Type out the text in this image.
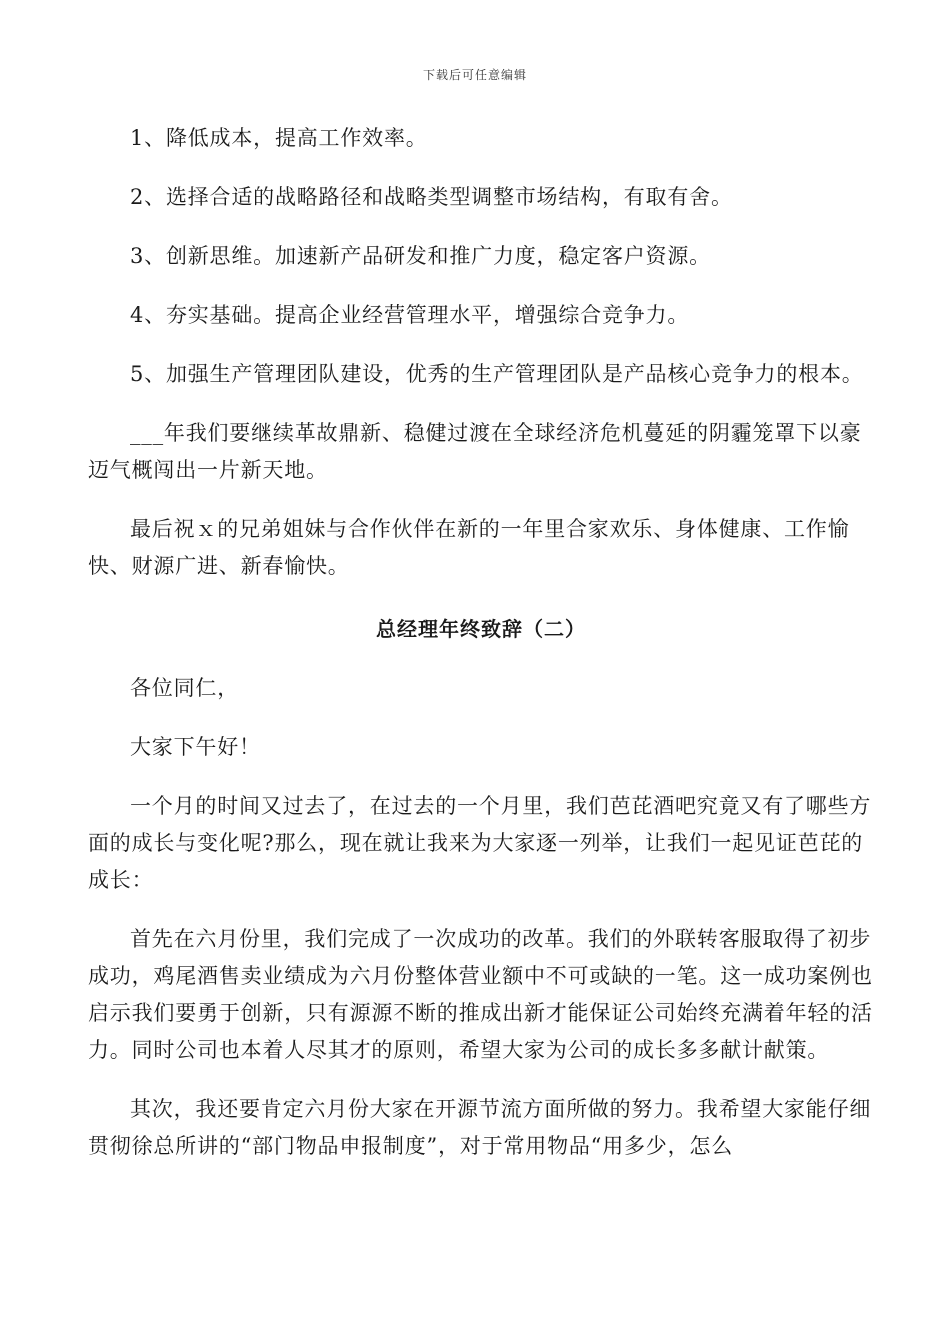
下载后可任意编辑

1、降低成本，提高工作效率。

2、选择合适的战略路径和战略类型调整市场结构，有取有舍。

3、创新思维。加速新产品研发和推广力度，稳定客户资源。

4、夯实基础。提高企业经营管理水平，增强综合竞争力。

5、加强生产管理团队建设，优秀的生产管理团队是产品核心竞争力的根本。

___年我们要继续革故鼎新、稳健过渡在全球经济危机蔓延的阴霾笼罩下以豪迈气概闯出一片新天地。

最后祝ｘ的兄弟姐妹与合作伙伴在新的一年里合家欢乐、身体健康、工作愉快、财源广进、新春愉快。

总经理年终致辞（二）

各位同仁，

大家下午好！

一个月的时间又过去了，在过去的一个月里，我们芭芘酒吧究竟又有了哪些方面的成长与变化呢?那么，现在就让我来为大家逐一列举，让我们一起见证芭芘的成长：

首先在六月份里，我们完成了一次成功的改革。我们的外联转客服取得了初步成功，鸡尾酒售卖业绩成为六月份整体营业额中不可或缺的一笔。这一成功案例也启示我们要勇于创新，只有源源不断的推成出新才能保证公司始终充满着年轻的活力。同时公司也本着人尽其才的原则，希望大家为公司的成长多多献计献策。

其次，我还要肯定六月份大家在开源节流方面所做的努力。我希望大家能仔细贯彻徐总所讲的“部门物品申报制度”，对于常用物品“用多少，怎么
